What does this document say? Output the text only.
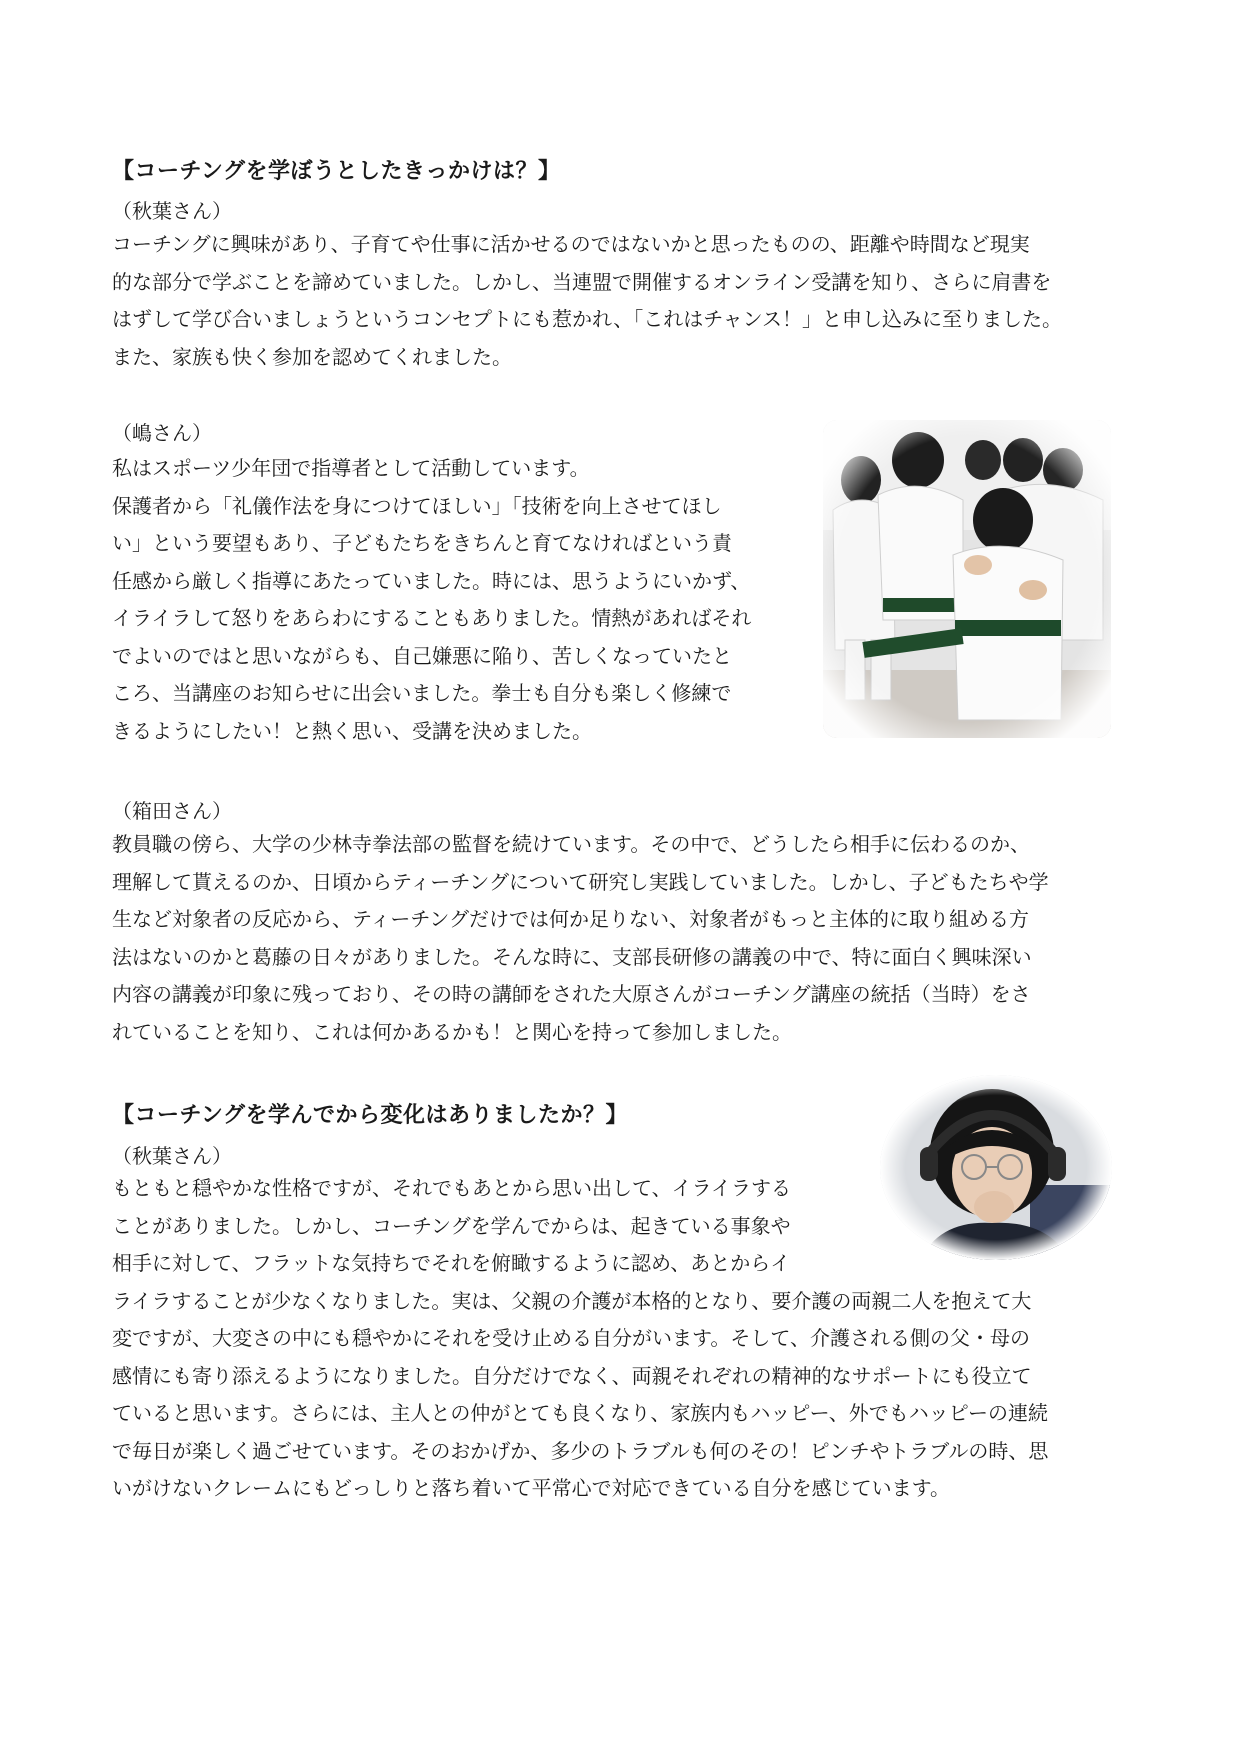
【コーチングを学ぼうとしたきっかけは？】
（秋葉さん）

コーチングに興味があり、子育てや仕事に活かせるのではないかと思ったものの、距離や時間など現実
的な部分で学ぶことを諦めていました。しかし、当連盟で開催するオンライン受講を知り、さらに肩書を
はずして学び合いましょうというコンセプトにも惹かれ、「これはチャンス！」と申し込みに至りました。
また、家族も快く参加を認めてくれました。

（嶋さん）

私はスポーツ少年団で指導者として活動しています。
保護者から「礼儀作法を身につけてほしい」「技術を向上させてほし
い」という要望もあり、子どもたちをきちんと育てなければという責
任感から厳しく指導にあたっていました。時には、思うようにいかず、
イライラして怒りをあらわにすることもありました。情熱があればそれ
でよいのではと思いながらも、自己嫌悪に陥り、苦しくなっていたと
ころ、当講座のお知らせに出会いました。拳士も自分も楽しく修練で
きるようにしたい！と熱く思い、受講を決めました。

（箱田さん）

教員職の傍ら、大学の少林寺拳法部の監督を続けています。その中で、どうしたら相手に伝わるのか、
理解して貰えるのか、日頃からティーチングについて研究し実践していました。しかし、子どもたちや学
生など対象者の反応から、ティーチングだけでは何か足りない、対象者がもっと主体的に取り組める方
法はないのかと葛藤の日々がありました。そんな時に、支部長研修の講義の中で、特に面白く興味深い
内容の講義が印象に残っており、その時の講師をされた大原さんがコーチング講座の統括（当時）をさ
れていることを知り、これは何かあるかも！と関心を持って参加しました。

【コーチングを学んでから変化はありましたか？】
（秋葉さん）

もともと穏やかな性格ですが、それでもあとから思い出して、イライラする
ことがありました。しかし、コーチングを学んでからは、起きている事象や
相手に対して、フラットな気持ちでそれを俯瞰するように認め、あとからイ
ライラすることが少なくなりました。実は、父親の介護が本格的となり、要介護の両親二人を抱えて大
変ですが、大変さの中にも穏やかにそれを受け止める自分がいます。そして、介護される側の父・母の
感情にも寄り添えるようになりました。自分だけでなく、両親それぞれの精神的なサポートにも役立て
ていると思います。さらには、主人との仲がとても良くなり、家族内もハッピー、外でもハッピーの連続
で毎日が楽しく過ごせています。そのおかげか、多少のトラブルも何のその！ピンチやトラブルの時、思
いがけないクレームにもどっしりと落ち着いて平常心で対応できている自分を感じています。
